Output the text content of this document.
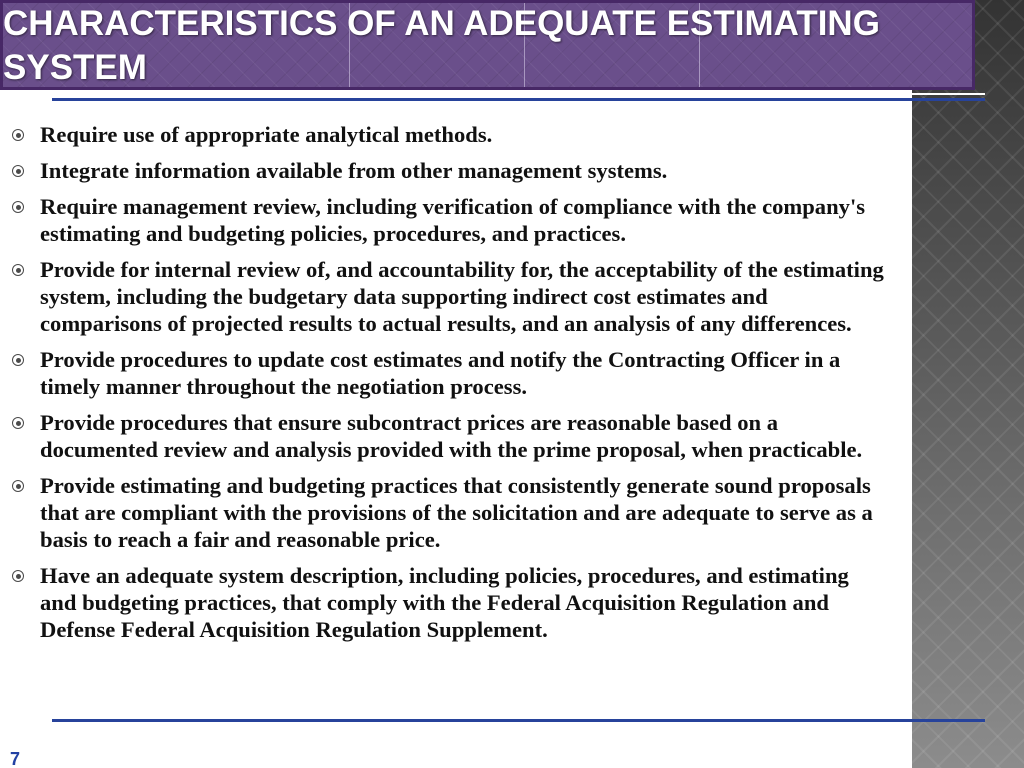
CHARACTERISTICS OF AN ADEQUATE ESTIMATING
SYSTEM
Require use of appropriate analytical methods.
Integrate information available from other management systems.
Require management review, including verification of compliance with the company's
estimating and budgeting policies, procedures, and practices.
Provide for internal review of, and accountability for, the acceptability of the estimating
system, including the budgetary data supporting indirect cost estimates and
comparisons of projected results to actual results, and an analysis of any differences.
Provide procedures to update cost estimates and notify the Contracting Officer in a
timely manner throughout the negotiation process.
Provide procedures that ensure subcontract prices are reasonable based on a
documented review and analysis provided with the prime proposal, when practicable.
Provide estimating and budgeting practices that consistently generate sound proposals
that are compliant with the provisions of the solicitation and are adequate to serve as a
basis to reach a fair and reasonable price.
Have an adequate system description, including policies, procedures, and estimating
and budgeting practices, that comply with the Federal Acquisition Regulation and
Defense Federal Acquisition Regulation Supplement.
7
